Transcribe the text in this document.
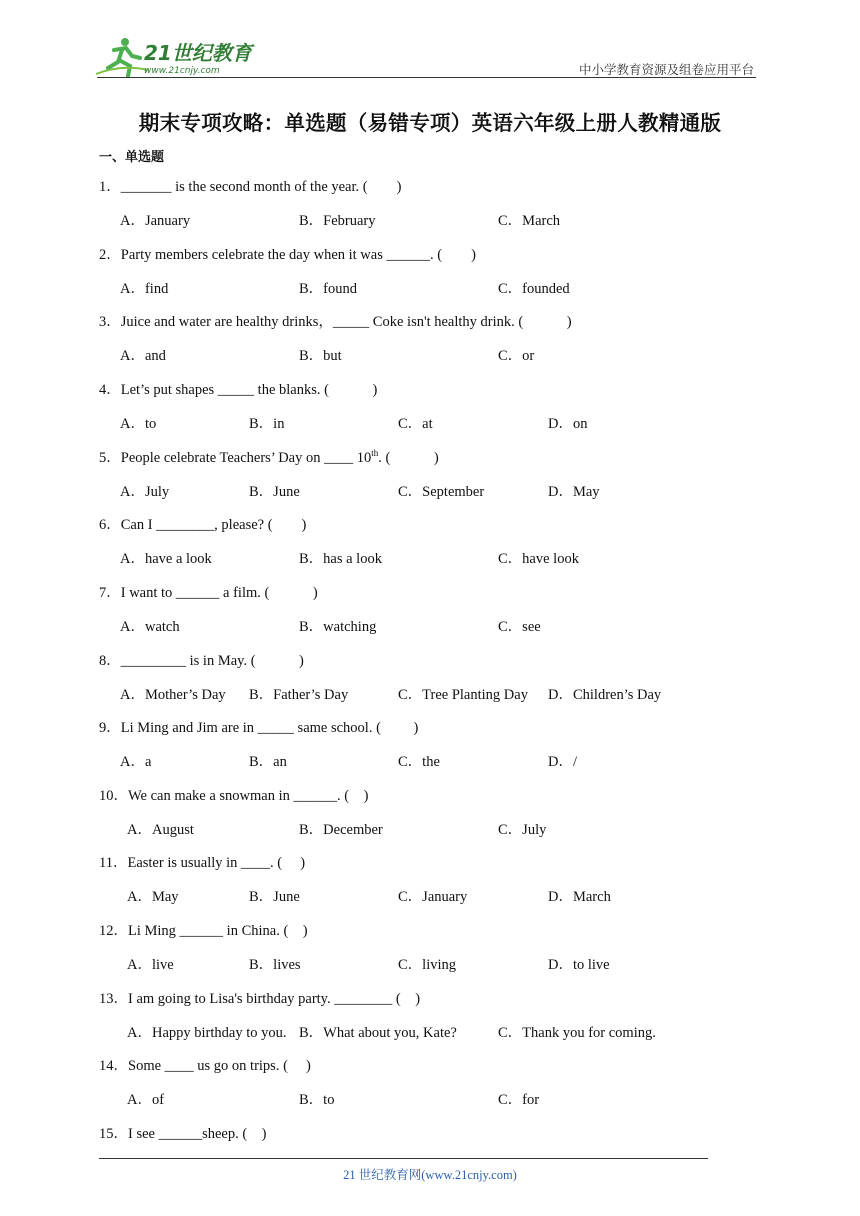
21世纪教育
www.21cnjy.com	中小学教育资源及组卷应用平台
期末专项攻略：单选题（易错专项）英语六年级上册人教精通版
一、单选题
1．_______ is the second month of the year. (　　)
A．January	B．February	C．March
2．Party members celebrate the day when it was ______. (　　)
A．find	B．found	C．founded
3．Juice and water are healthy drinks，_____ Coke isn't healthy drink. (　　　)
A．and	B．but	C．or
4．Let’s put shapes _____ the blanks. (　　　)
A．to	B．in	C．at	D．on
5．People celebrate Teachers’ Day on ____ 10th. (　　　)
A．July	B．June	C．September	D．May
6．Can I ________, please? (　　)
A．have a look	B．has a look	C．have look
7．I want to ______ a film. (　　　)
A．watch	B．watching	C．see
8．_________ is in May. (　　　)
A．Mother’s Day B．Father’s Day	C．Tree Planting Day D．Children’s Day
9．Li Ming and Jim are in _____ same school. (　　 )
A．a	B．an	C．the	D．/
10．We can make a snowman in ______. (　)
A．August	B．December	C．July
11．Easter is usually in ____. (　 )
A．May	B．June	C．January	D．March
12．Li Ming ______ in China. (　)
A．live	B．lives	C．living	D．to live
13．I am going to Lisa's birthday party. ________ (　)
A．Happy birthday to you. B．What about you, Kate?	C．Thank you for coming.
14．Some ____ us go on trips. (　 )
A．of	B．to	C．for
15．I see ______sheep. (　)
21 世纪教育网(www.21cnjy.com)
